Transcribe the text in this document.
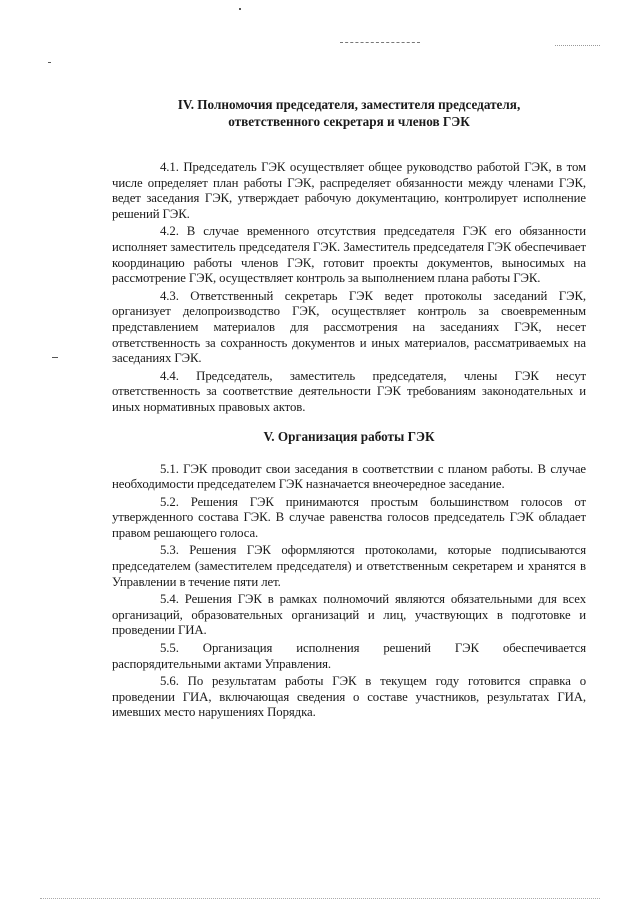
IV. Полномочия председателя, заместителя председателя,
ответственного секретаря и членов ГЭК

4.1. Председатель ГЭК осуществляет общее руководство работой ГЭК, в том числе определяет план работы ГЭК, распределяет обязанности между членами ГЭК, ведет заседания ГЭК, утверждает рабочую документацию, контролирует исполнение решений ГЭК.

4.2. В случае временного отсутствия председателя ГЭК его обязанности исполняет заместитель председателя ГЭК. Заместитель председателя ГЭК обеспечивает координацию работы членов ГЭК, готовит проекты документов, выносимых на рассмотрение ГЭК, осуществляет контроль за выполнением плана работы ГЭК.

4.3. Ответственный секретарь ГЭК ведет протоколы заседаний ГЭК, организует делопроизводство ГЭК, осуществляет контроль за своевременным представлением материалов для рассмотрения на заседаниях ГЭК, несет ответственность за сохранность документов и иных материалов, рассматриваемых на заседаниях ГЭК.

4.4. Председатель, заместитель председателя, члены ГЭК несут ответственность за соответствие деятельности ГЭК требованиям законодательных и иных нормативных правовых актов.

V. Организация работы ГЭК

5.1. ГЭК проводит свои заседания в соответствии с планом работы. В случае необходимости председателем ГЭК назначается внеочередное заседание.

5.2. Решения ГЭК принимаются простым большинством голосов от утвержденного состава ГЭК. В случае равенства голосов председатель ГЭК обладает правом решающего голоса.

5.3. Решения ГЭК оформляются протоколами, которые подписываются председателем (заместителем председателя) и ответственным секретарем и хранятся в Управлении в течение пяти лет.

5.4. Решения ГЭК в рамках полномочий являются обязательными для всех организаций, образовательных организаций и лиц, участвующих в подготовке и проведении ГИА.

5.5. Организация исполнения решений ГЭК обеспечивается распорядительными актами Управления.

5.6. По результатам работы ГЭК в текущем году готовится справка о проведении ГИА, включающая сведения о составе участников, результатах ГИА, имевших место нарушениях Порядка.
